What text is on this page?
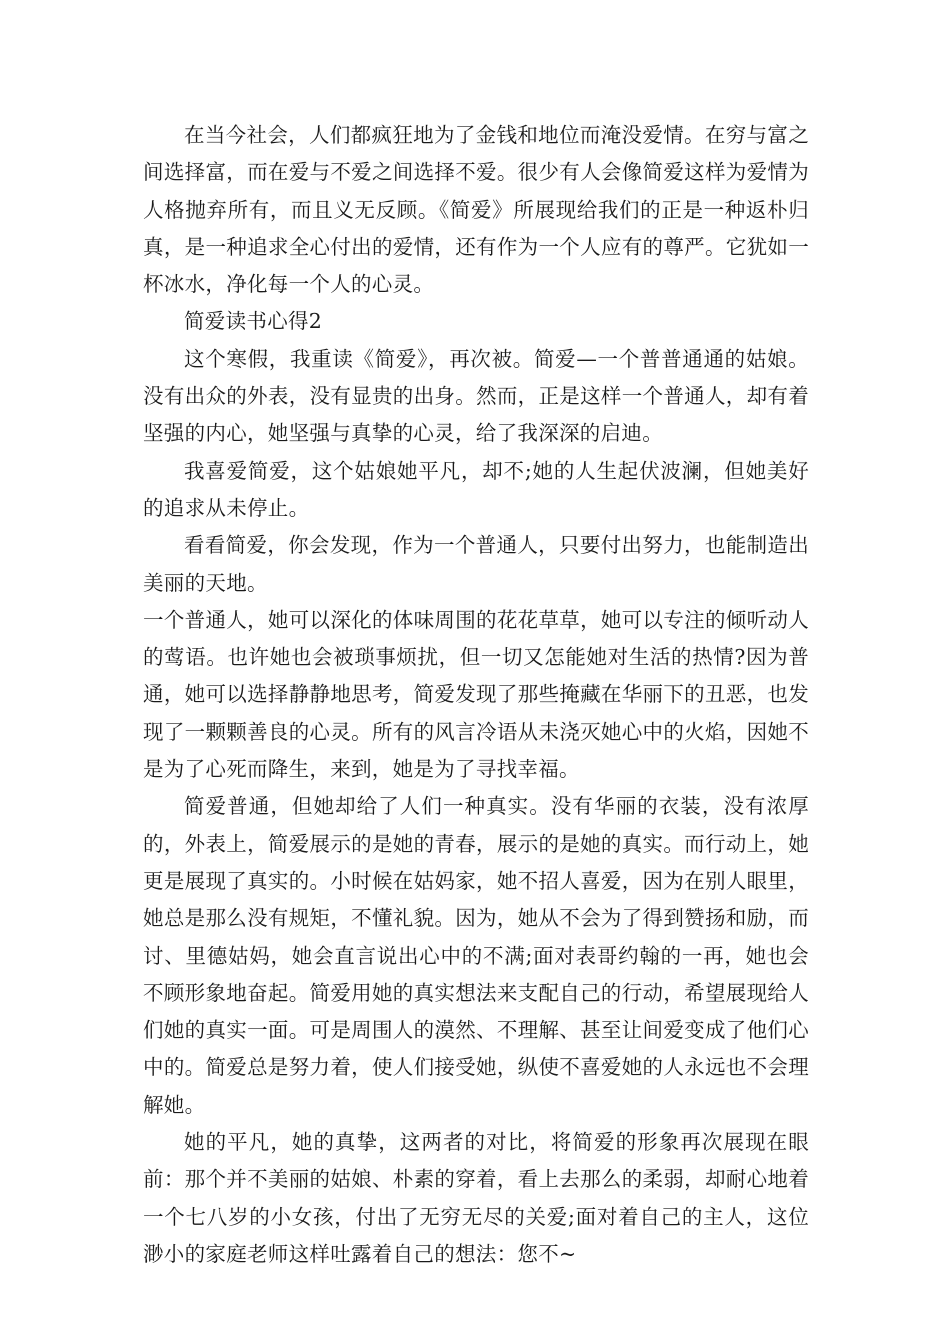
在当今社会，人们都疯狂地为了金钱和地位而淹没爱情。在穷与富之间选择富，而在爱与不爱之间选择不爱。很少有人会像简爱这样为爱情为人格抛弃所有，而且义无反顾。《简爱》所展现给我们的正是一种返朴归真，是一种追求全心付出的爱情，还有作为一个人应有的尊严。它犹如一杯冰水，净化每一个人的心灵。

简爱读书心得2

这个寒假，我重读《简爱》，再次被。简爱—一个普普通通的姑娘。没有出众的外表，没有显贵的出身。然而，正是这样一个普通人，却有着坚强的内心，她坚强与真挚的心灵，给了我深深的启迪。

我喜爱简爱，这个姑娘她平凡，却不;她的人生起伏波澜，但她美好的追求从未停止。

看看简爱，你会发现，作为一个普通人，只要付出努力，也能制造出美丽的天地。

一个普通人，她可以深化的体味周围的花花草草，她可以专注的倾听动人的莺语。也许她也会被琐事烦扰，但一切又怎能她对生活的热情?因为普通，她可以选择静静地思考，简爱发现了那些掩藏在华丽下的丑恶，也发现了一颗颗善良的心灵。所有的风言冷语从未浇灭她心中的火焰，因她不是为了心死而降生，来到，她是为了寻找幸福。

简爱普通，但她却给了人们一种真实。没有华丽的衣装，没有浓厚的，外表上，简爱展示的是她的青春，展示的是她的真实。而行动上，她更是展现了真实的。小时候在姑妈家，她不招人喜爱，因为在别人眼里，她总是那么没有规矩，不懂礼貌。因为，她从不会为了得到赞扬和励，而讨、里德姑妈，她会直言说出心中的不满;面对表哥约翰的一再，她也会不顾形象地奋起。简爱用她的真实想法来支配自己的行动，希望展现给人们她的真实一面。可是周围人的漠然、不理解、甚至让间爱变成了他们心中的。简爱总是努力着，使人们接受她，纵使不喜爱她的人永远也不会理解她。

她的平凡，她的真挚，这两者的对比，将简爱的形象再次展现在眼前：那个并不美丽的姑娘、朴素的穿着，看上去那么的柔弱，却耐心地着一个七八岁的小女孩，付出了无穷无尽的关爱;面对着自己的主人，这位渺小的家庭老师这样吐露着自己的想法：您不~
